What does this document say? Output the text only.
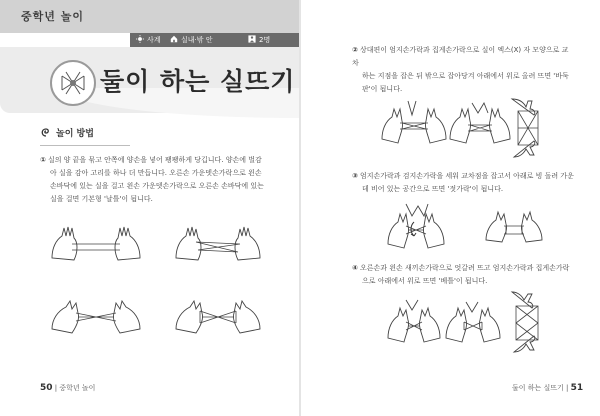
중학년 놀이
사계	실내·밖 안	2명
둘이 하는 실뜨기
놀이 방법
① 실의 양 끝을 묶고 안쪽에 양손을 넣어 팽팽하게 당깁니다. 양손에 벌감
아 실을 감아 고리를 하나 더 만듭니다. 오른손 가운뎃손가락으로 왼손
손바닥에 있는 실을 걸고 왼손 가운뎃손가락으로 오른손 손바닥에 있는
실을 걸면 기본형 '날틀'이 됩니다.
50 | 중학년 놀이
② 상대편이 엄지손가락과 집게손가락으로 실이 엑스(X) 자 모양으로 교차
하는 지점을 잡은 뒤 밖으로 잡아당겨 아래에서 위로 올려 뜨면 '바둑
판'이 됩니다.
③ 엄지손가락과 검지손가락을 세워 교차점을 잡고서 아래로 빙 돌려 가운
데 비어 있는 공간으로 뜨면 '젓가락'이 됩니다.
④ 오른손과 왼손 새끼손가락으로 엇갈려 뜨고 엄지손가락과 집게손가락
으로 아래에서 위로 뜨면 '베틀'이 됩니다.
둘이 하는 실뜨기 | 51
